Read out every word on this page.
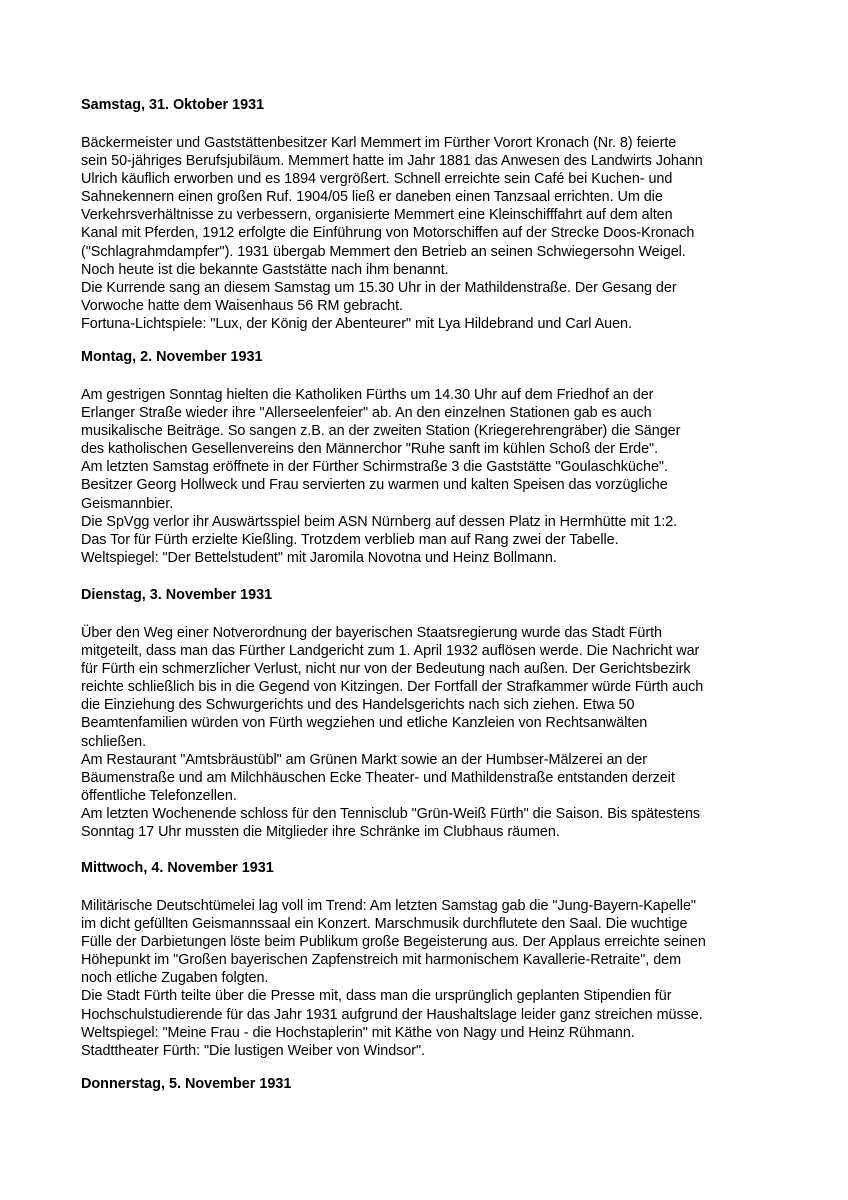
Samstag, 31. Oktober 1931
Bäckermeister und Gaststättenbesitzer Karl Memmert im Fürther Vorort Kronach (Nr. 8) feierte
sein 50-jähriges Berufsjubiläum. Memmert hatte im Jahr 1881 das Anwesen des Landwirts Johann
Ulrich käuflich erworben und es 1894 vergrößert. Schnell erreichte sein Café bei Kuchen- und
Sahnekennern einen großen Ruf. 1904/05 ließ er daneben einen Tanzsaal errichten. Um die
Verkehrsverhältnisse zu verbessern, organisierte Memmert eine Kleinschifffahrt auf dem alten
Kanal mit Pferden, 1912 erfolgte die Einführung von Motorschiffen auf der Strecke Doos-Kronach
("Schlagrahmdampfer"). 1931 übergab Memmert den Betrieb an seinen Schwiegersohn Weigel.
Noch heute ist die bekannte Gaststätte nach ihm benannt.
Die Kurrende sang an diesem Samstag um 15.30 Uhr in der Mathildenstraße. Der Gesang der
Vorwoche hatte dem Waisenhaus 56 RM gebracht.
Fortuna-Lichtspiele: "Lux, der König der Abenteurer" mit Lya Hildebrand und Carl Auen.
Montag, 2. November 1931
Am gestrigen Sonntag hielten die Katholiken Fürths um 14.30 Uhr auf dem Friedhof an der
Erlanger Straße wieder ihre "Allerseelenfeier" ab. An den einzelnen Stationen gab es auch
musikalische Beiträge. So sangen z.B. an der zweiten Station (Kriegerehrengräber) die Sänger
des katholischen Gesellenvereins den Männerchor "Ruhe sanft im kühlen Schoß der Erde".
Am letzten Samstag eröffnete in der Fürther Schirmstraße 3 die Gaststätte "Goulaschküche".
Besitzer Georg Hollweck und Frau servierten zu warmen und kalten Speisen das vorzügliche
Geismannbier.
Die SpVgg verlor ihr Auswärtsspiel beim ASN Nürnberg auf dessen Platz in Hermhütte mit 1:2.
Das Tor für Fürth erzielte Kießling. Trotzdem verblieb man auf Rang zwei der Tabelle.
Weltspiegel: "Der Bettelstudent" mit Jaromila Novotna und Heinz Bollmann.
Dienstag, 3. November 1931
Über den Weg einer Notverordnung der bayerischen Staatsregierung wurde das Stadt Fürth
mitgeteilt, dass man das Fürther Landgericht zum 1. April 1932 auflösen werde. Die Nachricht war
für Fürth ein schmerzlicher Verlust, nicht nur von der Bedeutung nach außen. Der Gerichtsbezirk
reichte schließlich bis in die Gegend von Kitzingen. Der Fortfall der Strafkammer würde Fürth auch
die Einziehung des Schwurgerichts und des Handelsgerichts nach sich ziehen. Etwa 50
Beamtenfamilien würden von Fürth wegziehen und etliche Kanzleien von Rechtsanwälten
schließen.
Am Restaurant "Amtsbräustübl" am Grünen Markt sowie an der Humbser-Mälzerei an der
Bäumenstraße und am Milchhäuschen Ecke Theater- und Mathildenstraße entstanden derzeit
öffentliche Telefonzellen.
Am letzten Wochenende schloss für den Tennisclub "Grün-Weiß Fürth" die Saison. Bis spätestens
Sonntag 17 Uhr mussten die Mitglieder ihre Schränke im Clubhaus räumen.
Mittwoch, 4. November 1931
Militärische Deutschtümelei lag voll im Trend: Am letzten Samstag gab die "Jung-Bayern-Kapelle"
im dicht gefüllten Geismannssaal ein Konzert. Marschmusik durchflutete den Saal. Die wuchtige
Fülle der Darbietungen löste beim Publikum große Begeisterung aus. Der Applaus erreichte seinen
Höhepunkt im "Großen bayerischen Zapfenstreich mit harmonischem Kavallerie-Retraite", dem
noch etliche Zugaben folgten.
Die Stadt Fürth teilte über die Presse mit, dass man die ursprünglich geplanten Stipendien für
Hochschulstudierende für das Jahr 1931 aufgrund der Haushaltslage leider ganz streichen müsse.
Weltspiegel: "Meine Frau - die Hochstaplerin" mit Käthe von Nagy und Heinz Rühmann.
Stadttheater Fürth: "Die lustigen Weiber von Windsor".
Donnerstag, 5. November 1931
